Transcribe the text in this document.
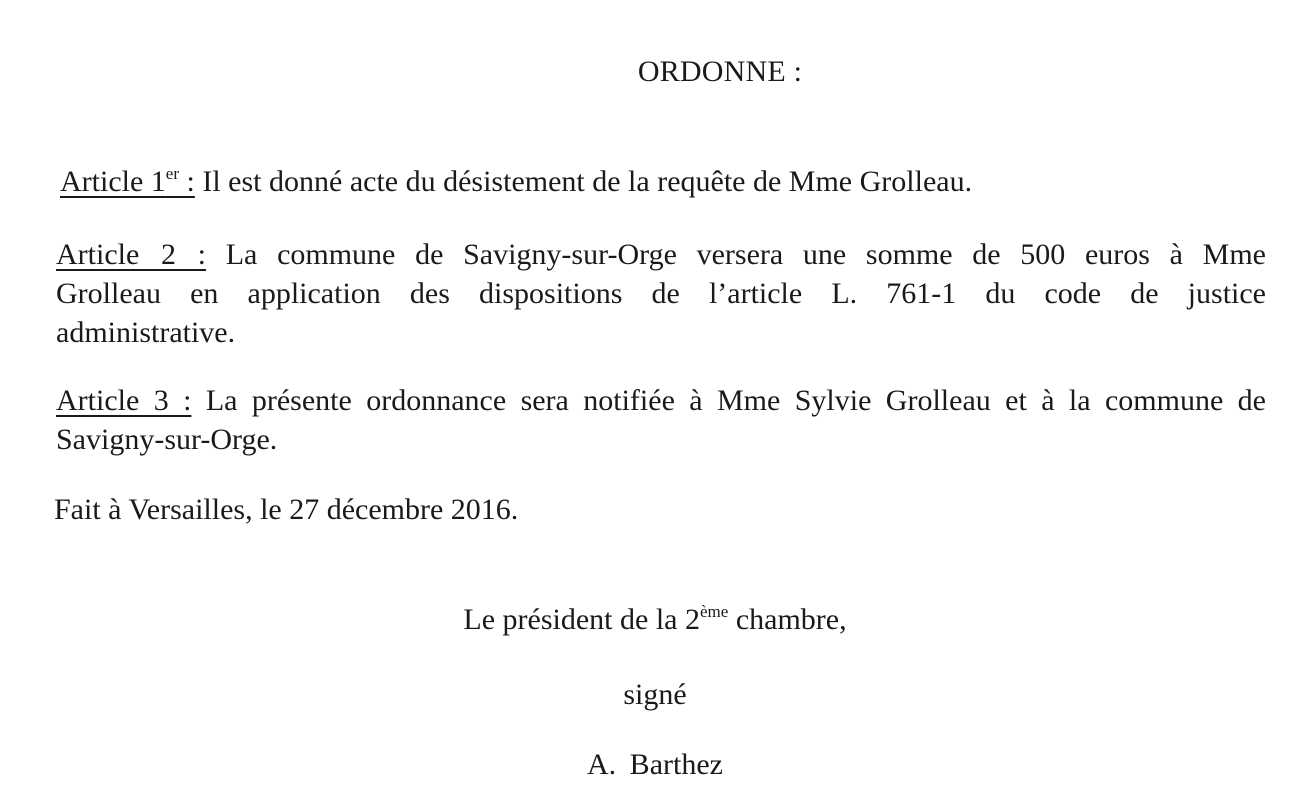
ORDONNE :
Article 1er : Il est donné acte du désistement de la requête de Mme Grolleau.
Article 2 : La commune de Savigny-sur-Orge versera une somme de 500 euros à Mme Grolleau en application des dispositions de l’article L. 761-1 du code de justice administrative.
Article 3 : La présente ordonnance sera notifiée à Mme Sylvie Grolleau et à la commune de Savigny-sur-Orge.
Fait à Versailles, le 27 décembre 2016.
Le président de la 2ème chambre,
signé
A. Barthez
